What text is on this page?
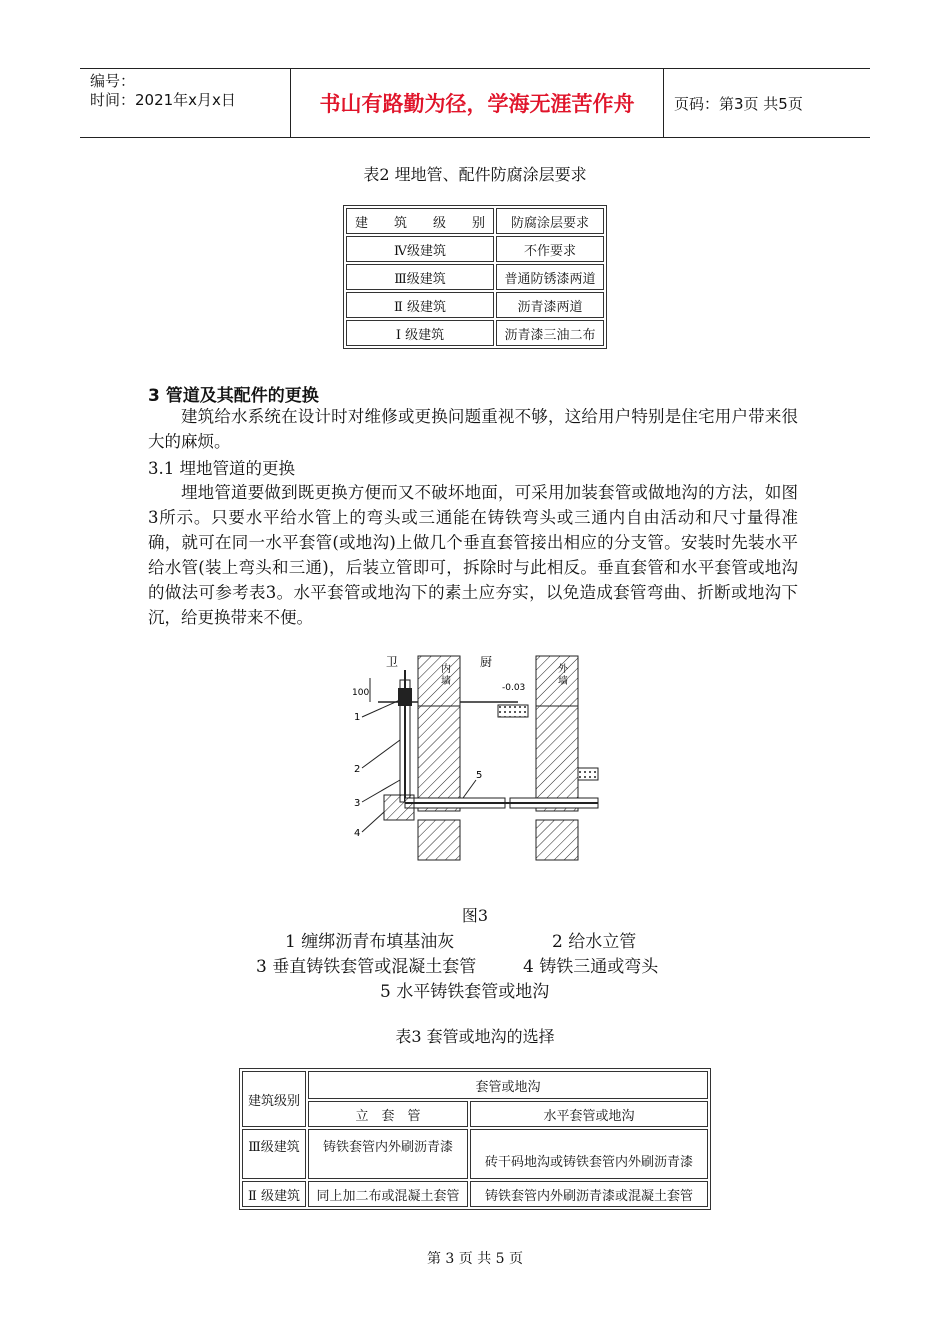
编号：
时间：2021年x月x日	书山有路勤为径，学海无涯苦作舟	页码：第3页 共5页
表2 埋地管、配件防腐涂层要求
建　　筑　　级　　别	防腐涂层要求
Ⅳ级建筑	不作要求
Ⅲ级建筑	普通防锈漆两道
Ⅱ 级建筑	沥青漆两道
Ⅰ 级建筑	沥青漆三油二布
3 管道及其配件的更换
建筑给水系统在设计时对维修或更换问题重视不够，这给用户特别是住宅用户带来很大的麻烦。
3.1 埋地管道的更换
埋地管道要做到既更换方便而又不破坏地面，可采用加装套管或做地沟的方法，如图3所示。只要水平给水管上的弯头或三通能在铸铁弯头或三通内自由活动和尺寸量得准确，就可在同一水平套管(或地沟)上做几个垂直套管接出相应的分支管。安装时先装水平给水管(装上弯头和三通)，后装立管即可，拆除时与此相反。垂直套管和水平套管或地沟的做法可参考表3。水平套管或地沟下的素土应夯实，以免造成套管弯曲、折断或地沟下沉，给更换带来不便。
100
卫	厨
内
墙
外
墙
-0.03
1
2
3
4
5
图3
1 缠绑沥青布填基油灰	2 给水立管
3 垂直铸铁套管或混凝土套管	4 铸铁三通或弯头
5 水平铸铁套管或地沟
表3 套管或地沟的选择
建筑级别	套管或地沟	
	立　套　管	水平套管或地沟
Ⅲ级建筑	铸铁套管内外刷沥青漆	砖干码地沟或铸铁套管内外刷沥青漆
Ⅱ 级建筑	同上加二布或混凝土套管	铸铁套管内外刷沥青漆或混凝土套管
第 3 页 共 5 页
